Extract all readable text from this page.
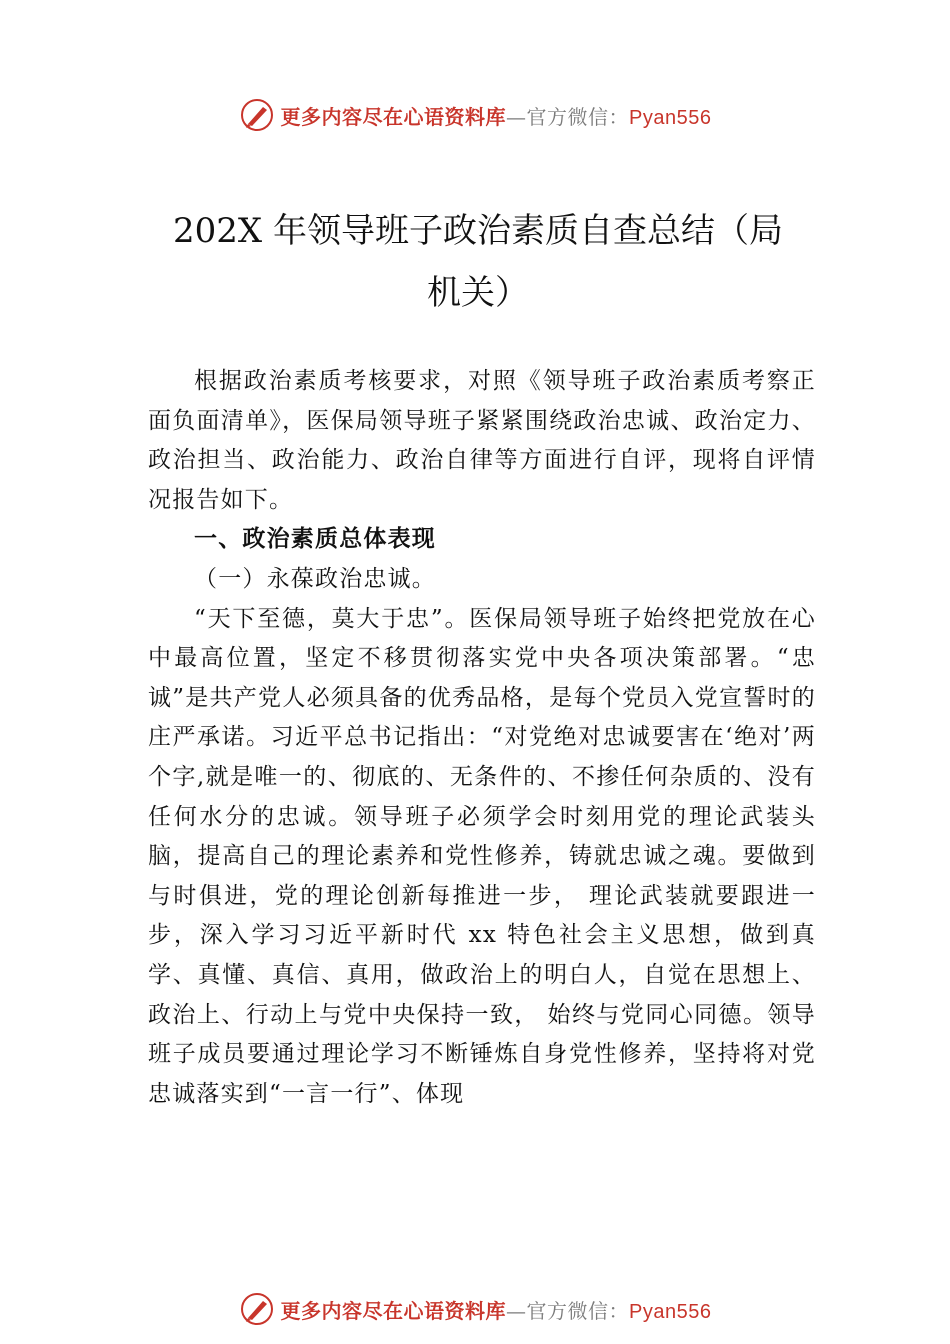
更多内容尽在心语资料库—官方微信：Pyan556
202X 年领导班子政治素质自查总结（局
机关）

根据政治素质考核要求，对照《领导班子政治素质考察正面负面清单》，医保局领导班子紧紧围绕政治忠诚、政治定力、政治担当、政治能力、政治自律等方面进行自评，现将自评情况报告如下。

一、政治素质总体表现

（一）永葆政治忠诚。

“天下至德，莫大于忠”。医保局领导班子始终把党放在心中最高位置，坚定不移贯彻落实党中央各项决策部署。“忠诚”是共产党人必须具备的优秀品格，是每个党员入党宣誓时的庄严承诺。习近平总书记指出：“对党绝对忠诚要害在‘绝对’两个字,就是唯一的、彻底的、无条件的、不掺任何杂质的、没有任何水分的忠诚。领导班子必须学会时刻用党的理论武装头脑，提高自己的理论素养和党性修养，铸就忠诚之魂。要做到与时俱进，党的理论创新每推进一步， 理论武装就要跟进一步，深入学习习近平新时代 xx 特色社会主义思想，做到真学、真懂、真信、真用，做政治上的明白人，自觉在思想上、政治上、行动上与党中央保持一致， 始终与党同心同德。领导班子成员要通过理论学习不断锤炼自身党性修养，坚持将对党忠诚落实到“一言一行”、体现

更多内容尽在心语资料库—官方微信：Pyan556
